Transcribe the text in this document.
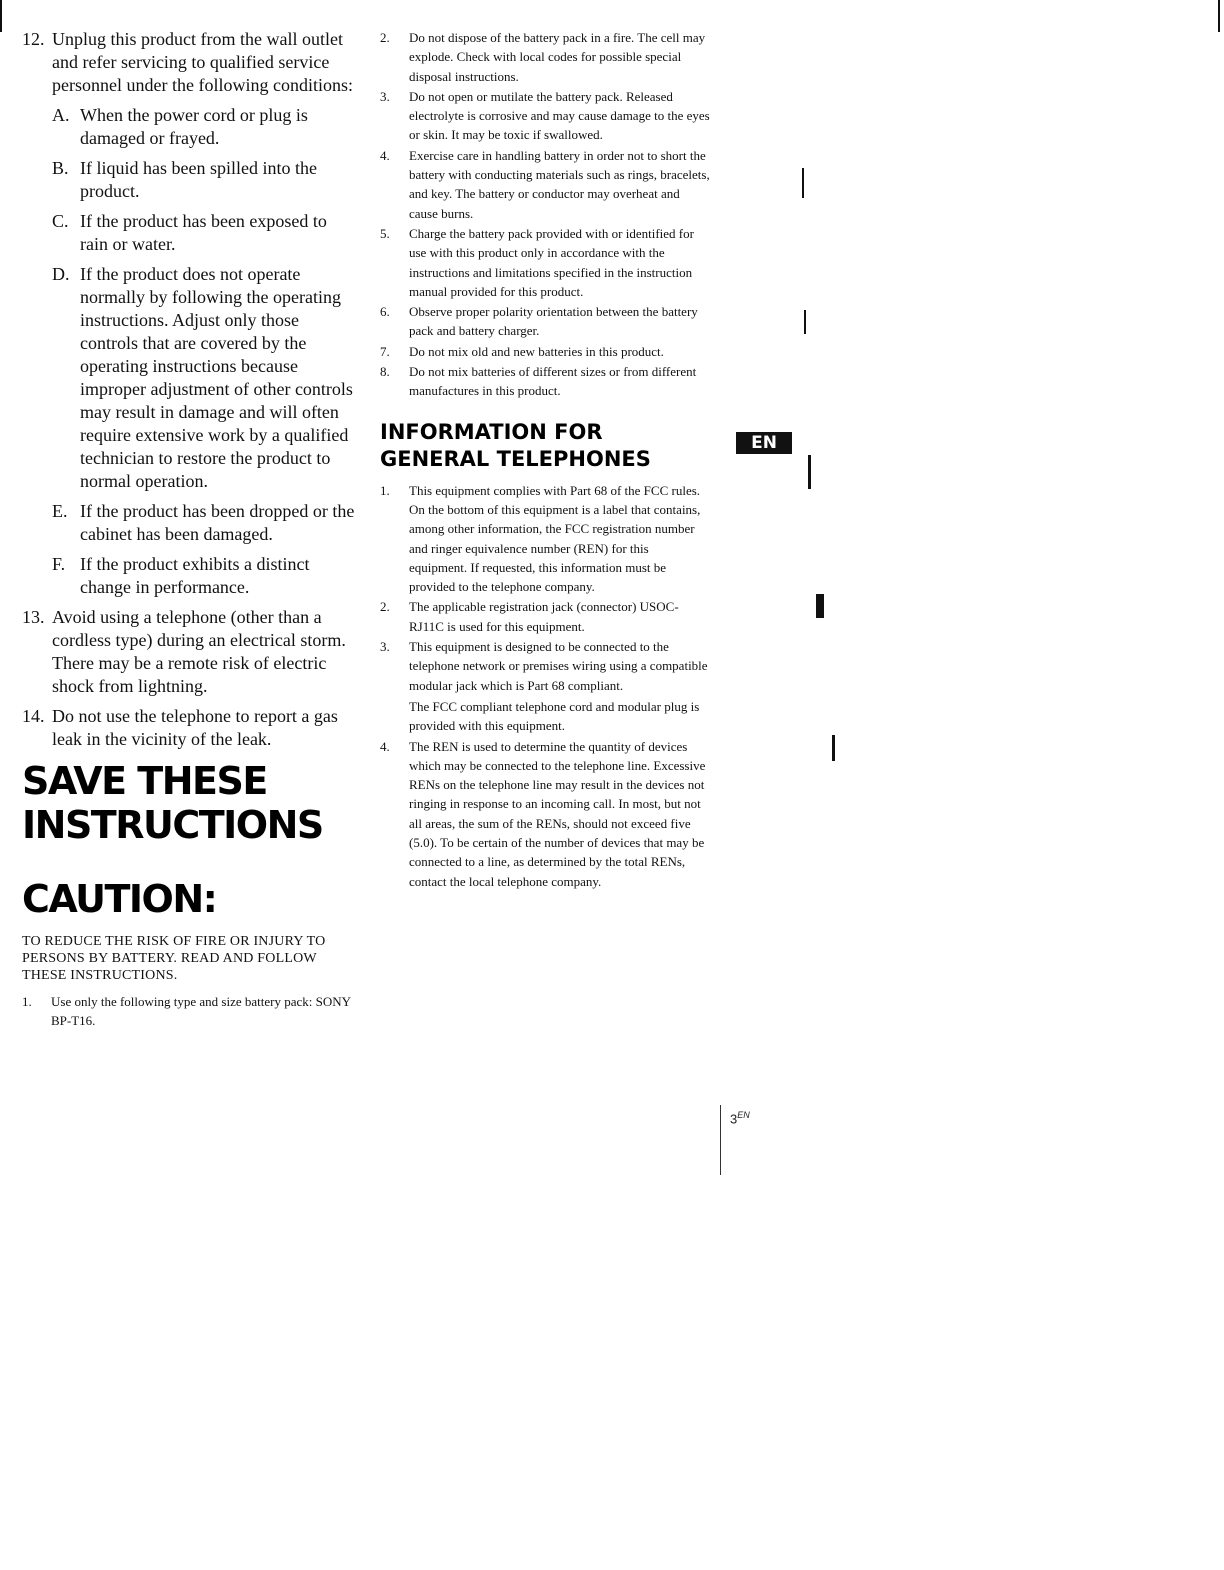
12. Unplug this product from the wall outlet and refer servicing to qualified service personnel under the following conditions:
A. When the power cord or plug is damaged or frayed.
B. If liquid has been spilled into the product.
C. If the product has been exposed to rain or water.
D. If the product does not operate normally by following the operating instructions. Adjust only those controls that are covered by the operating instructions because improper adjustment of other controls may result in damage and will often require extensive work by a qualified technician to restore the product to normal operation.
E. If the product has been dropped or the cabinet has been damaged.
F. If the product exhibits a distinct change in performance.
13. Avoid using a telephone (other than a cordless type) during an electrical storm. There may be a remote risk of electric shock from lightning.
14. Do not use the telephone to report a gas leak in the vicinity of the leak.
SAVE THESE
INSTRUCTIONS
CAUTION:
TO REDUCE THE RISK OF FIRE OR INJURY TO PERSONS BY BATTERY. READ AND FOLLOW THESE INSTRUCTIONS.
1.	Use only the following type and size battery pack: SONY BP-T16.
2.	Do not dispose of the battery pack in a fire. The cell may explode. Check with local codes for possible special disposal instructions.
3.	Do not open or mutilate the battery pack. Released electrolyte is corrosive and may cause damage to the eyes or skin. It may be toxic if swallowed.
4.	Exercise care in handling battery in order not to short the battery with conducting materials such as rings, bracelets, and key. The battery or conductor may overheat and cause burns.
5.	Charge the battery pack provided with or identified for use with this product only in accordance with the instructions and limitations specified in the instruction manual provided for this product.
6.	Observe proper polarity orientation between the battery pack and battery charger.
7.	Do not mix old and new batteries in this product.
8.	Do not mix batteries of different sizes or from different manufactures in this product.
INFORMATION FOR
GENERAL TELEPHONES
1.	This equipment complies with Part 68 of the FCC rules. On the bottom of this equipment is a label that contains, among other information, the FCC registration number and ringer equivalence number (REN) for this equipment. If requested, this information must be provided to the telephone company.
2.	The applicable registration jack (connector) USOC-RJ11C is used for this equipment.
3.	This equipment is designed to be connected to the telephone network or premises wiring using a compatible modular jack which is Part 68 compliant.
The FCC compliant telephone cord and modular plug is provided with this equipment.
4.	The REN is used to determine the quantity of devices which may be connected to the telephone line. Excessive RENs on the telephone line may result in the devices not ringing in response to an incoming call. In most, but not all areas, the sum of the RENs, should not exceed five (5.0). To be certain of the number of devices that may be connected to a line, as determined by the total RENs, contact the local telephone company.
EN
$3^{EN}$
